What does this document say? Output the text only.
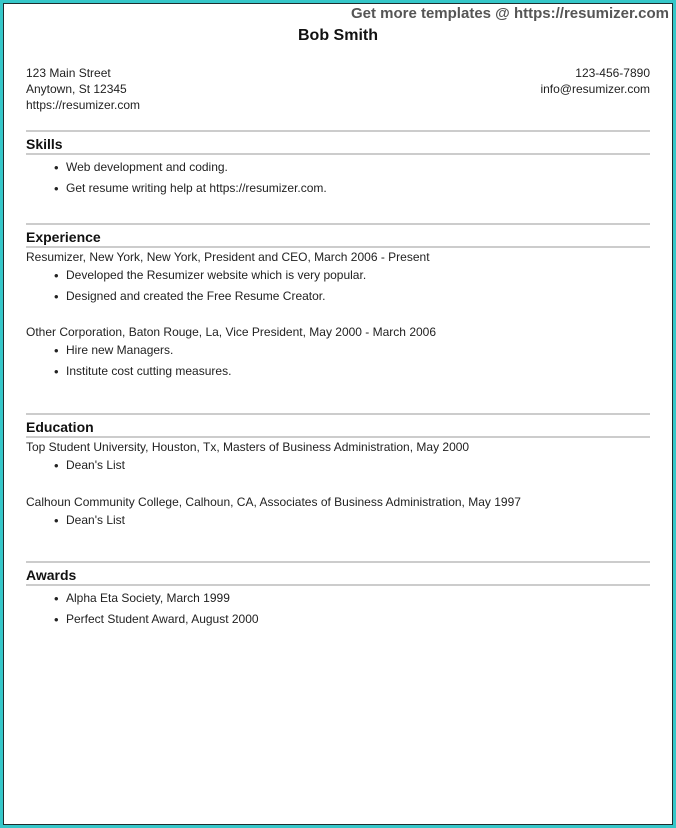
Get more templates @ https://resumizer.com
Bob Smith
123 Main Street
Anytown, St 12345
https://resumizer.com
123-456-7890
info@resumizer.com
Skills
• Web development and coding.
• Get resume writing help at https://resumizer.com.
Experience
Resumizer, New York, New York, President and CEO, March 2006 - Present
• Developed the Resumizer website which is very popular.
• Designed and created the Free Resume Creator.
Other Corporation, Baton Rouge, La, Vice President, May 2000 - March 2006
• Hire new Managers.
• Institute cost cutting measures.
Education
Top Student University, Houston, Tx, Masters of Business Administration, May 2000
• Dean's List
Calhoun Community College, Calhoun, CA, Associates of Business Administration, May 1997
• Dean's List
Awards
• Alpha Eta Society, March 1999
• Perfect Student Award, August 2000
